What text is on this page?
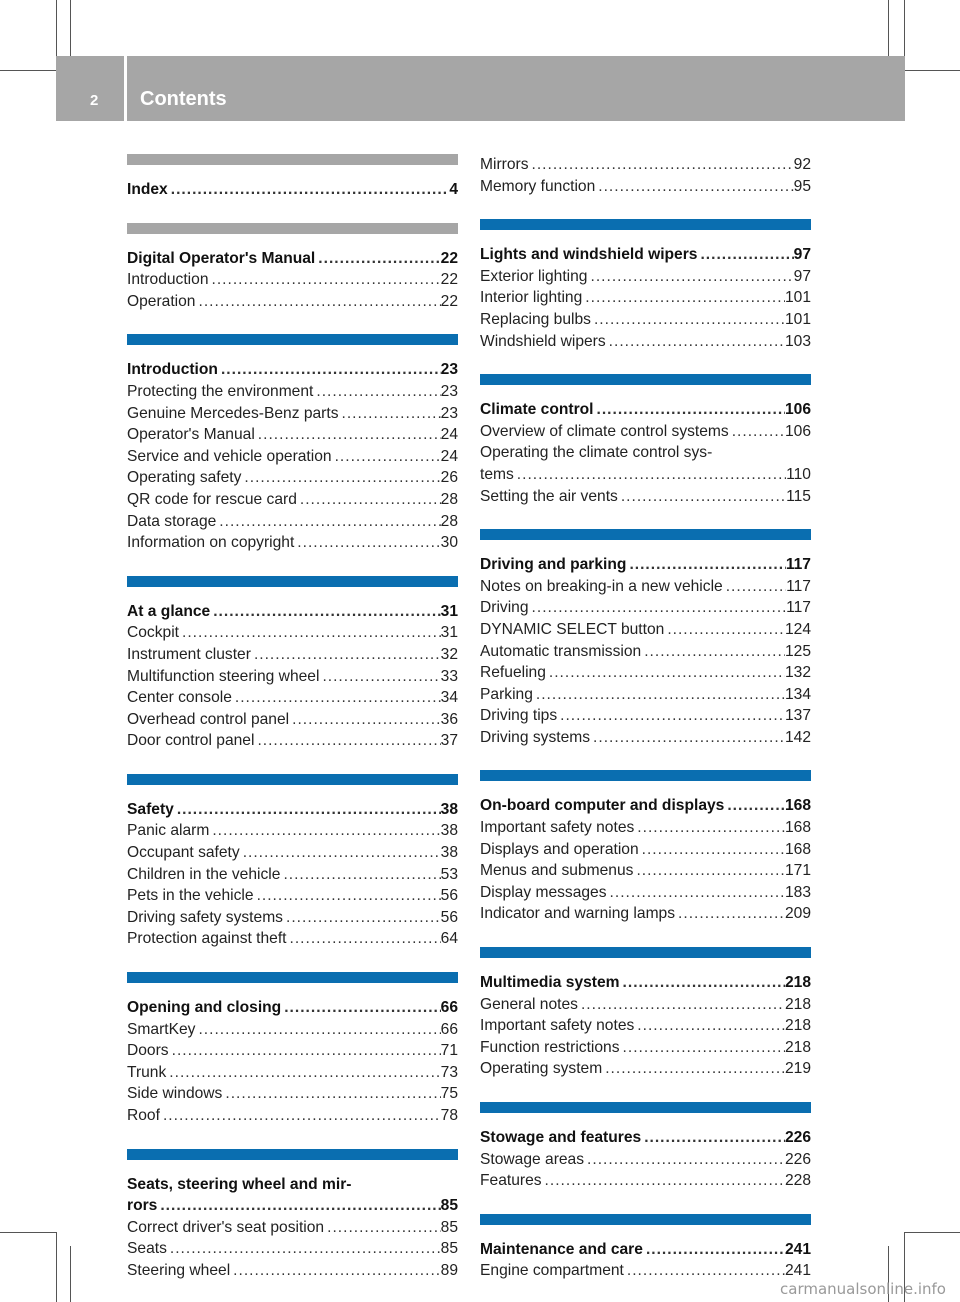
2 Contents
Index .....	4
Digital Operator's Manual .....	22
Introduction .....	22
Operation .....	22
Introduction .....	23
Protecting the environment .....	23
Genuine Mercedes-Benz parts .....	23
Operator's Manual .....	24
Service and vehicle operation .....	24
Operating safety .....	26
QR code for rescue card .....	28
Data storage .....	28
Information on copyright .....	30
At a glance .....	31
Cockpit .....	31
Instrument cluster .....	32
Multifunction steering wheel .....	33
Center console .....	34
Overhead control panel .....	36
Door control panel .....	37
Safety .....	38
Panic alarm .....	38
Occupant safety .....	38
Children in the vehicle .....	53
Pets in the vehicle .....	56
Driving safety systems .....	56
Protection against theft .....	64
Opening and closing .....	66
SmartKey .....	66
Doors .....	71
Trunk .....	73
Side windows .....	75
Roof .....	78
Seats, steering wheel and mir-
rors .....	85
Correct driver's seat position .....	85
Seats .....	85
Steering wheel .....	89
Mirrors .....	92
Memory function .....	95
Lights and windshield wipers .....	97
Exterior lighting .....	97
Interior lighting .....	101
Replacing bulbs .....	101
Windshield wipers .....	103
Climate control .....	106
Overview of climate control systems .....	106
Operating the climate control sys-
tems .....	110
Setting the air vents .....	115
Driving and parking .....	117
Notes on breaking-in a new vehicle .....	117
Driving .....	117
DYNAMIC SELECT button .....	124
Automatic transmission .....	125
Refueling .....	132
Parking .....	134
Driving tips .....	137
Driving systems .....	142
On-board computer and displays .....	168
Important safety notes .....	168
Displays and operation .....	168
Menus and submenus .....	171
Display messages .....	183
Indicator and warning lamps .....	209
Multimedia system .....	218
General notes .....	218
Important safety notes .....	218
Function restrictions .....	218
Operating system .....	219
Stowage and features .....	226
Stowage areas .....	226
Features .....	228
Maintenance and care .....	241
Engine compartment .....	241
carmanualsonline.info
